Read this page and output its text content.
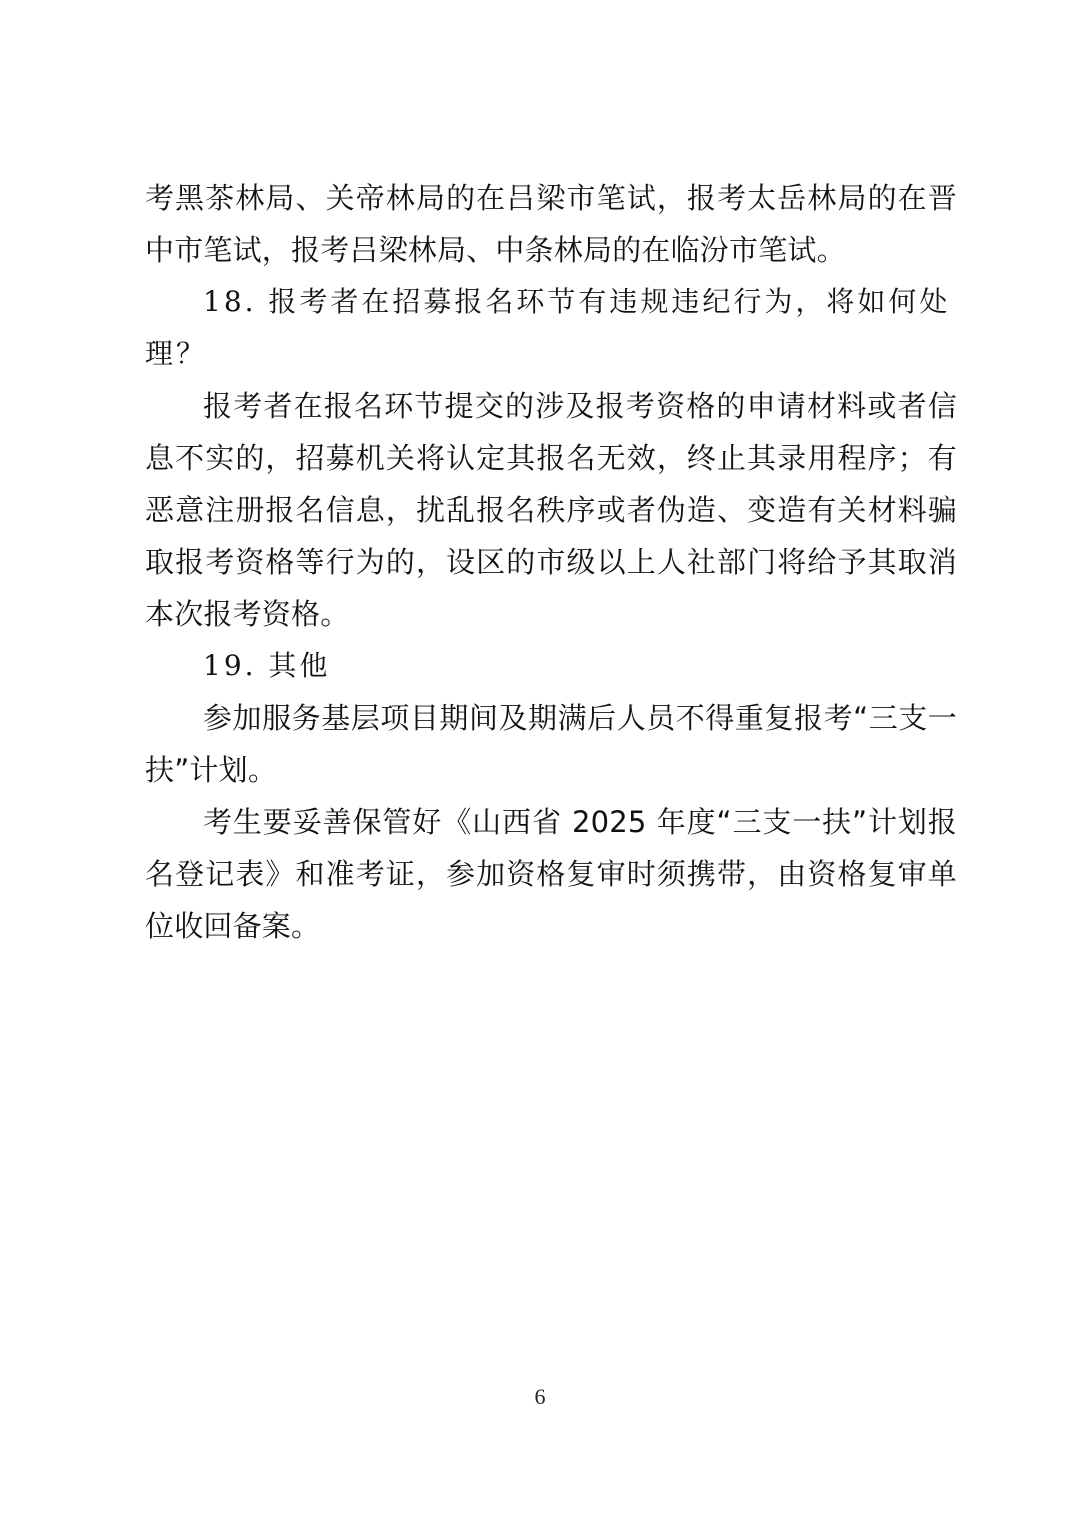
考黑茶林局、关帝林局的在吕梁市笔试，报考太岳林局的在晋中市笔试，报考吕梁林局、中条林局的在临汾市笔试。

18. 报考者在招募报名环节有违规违纪行为，将如何处理？

报考者在报名环节提交的涉及报考资格的申请材料或者信息不实的，招募机关将认定其报名无效，终止其录用程序；有恶意注册报名信息，扰乱报名秩序或者伪造、变造有关材料骗取报考资格等行为的，设区的市级以上人社部门将给予其取消本次报考资格。

19. 其他

参加服务基层项目期间及期满后人员不得重复报考“三支一扶”计划。

考生要妥善保管好《山西省 2025 年度“三支一扶”计划报名登记表》和准考证，参加资格复审时须携带，由资格复审单位收回备案。

6
